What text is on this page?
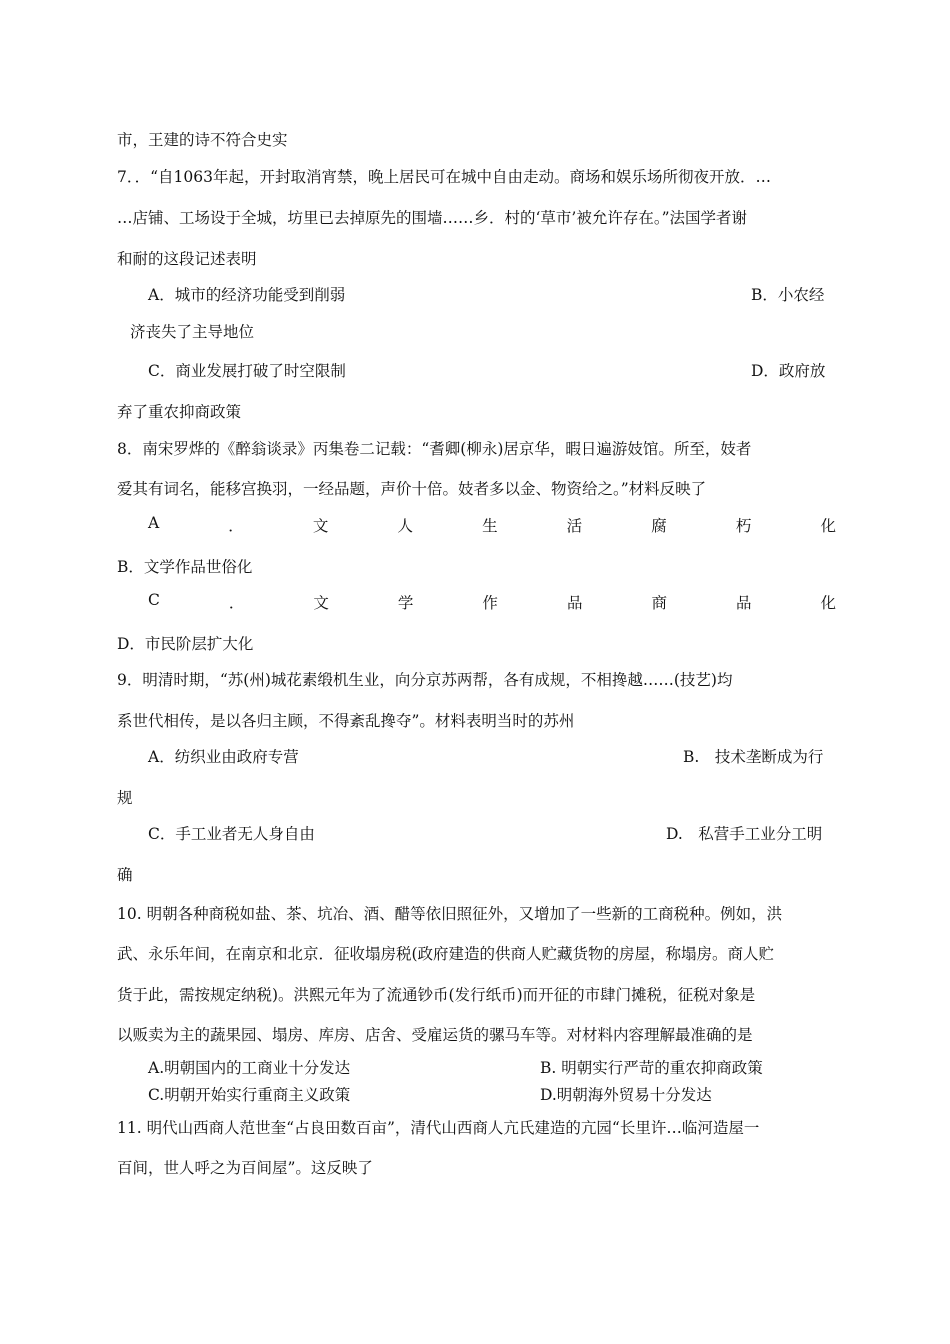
市，王建的诗不符合史实
7．．“自1063年起，开封取消宵禁，晚上居民可在城中自由走动。商场和娱乐场所彻夜开放．…
…店铺、工场设于全城，坊里已去掉原先的围墙……乡．村的‘草市’被允许存在。”法国学者谢
和耐的这段记述表明
A．城市的经济功能受到削弱	B．小农经
济丧失了主导地位
C．商业发展打破了时空限制	D．政府放
弃了重农抑商政策
8．南宋罗烨的《醉翁谈录》丙集卷二记载：“耆卿(柳永)居京华，暇日遍游妓馆。所至，妓者
爱其有词名，能移宫换羽，一经品题，声价十倍。妓者多以金、物资给之。”材料反映了
A	．	文	人	生	活	腐	朽	化
B．文学作品世俗化
C	．	文	学	作	品	商	品	化
D．市民阶层扩大化
9．明清时期，“苏(州)城花素缎机生业，向分京苏两帮，各有成规，不相搀越……(技艺)均
系世代相传，是以各归主顾，不得紊乱搀夺”。材料表明当时的苏州
A．纺织业由政府专营	B.　技术垄断成为行
规
C．手工业者无人身自由	D.　私营手工业分工明
确
10. 明朝各种商税如盐、茶、坑冶、酒、醋等依旧照征外，又增加了一些新的工商税种。例如，洪
武、永乐年间，在南京和北京．征收塌房税(政府建造的供商人贮藏货物的房屋，称塌房。商人贮
货于此，需按规定纳税)。洪熙元年为了流通钞币(发行纸币)而开征的市肆门摊税，征税对象是
以贩卖为主的蔬果园、塌房、库房、店舍、受雇运货的骡马车等。对材料内容理解最准确的是
A.明朝国内的工商业十分发达	B. 明朝实行严苛的重农抑商政策
C.明朝开始实行重商主义政策	D.明朝海外贸易十分发达
11. 明代山西商人范世奎“占良田数百亩”，清代山西商人亢氏建造的亢园“长里许…临河造屋一
百间，世人呼之为百间屋”。这反映了
